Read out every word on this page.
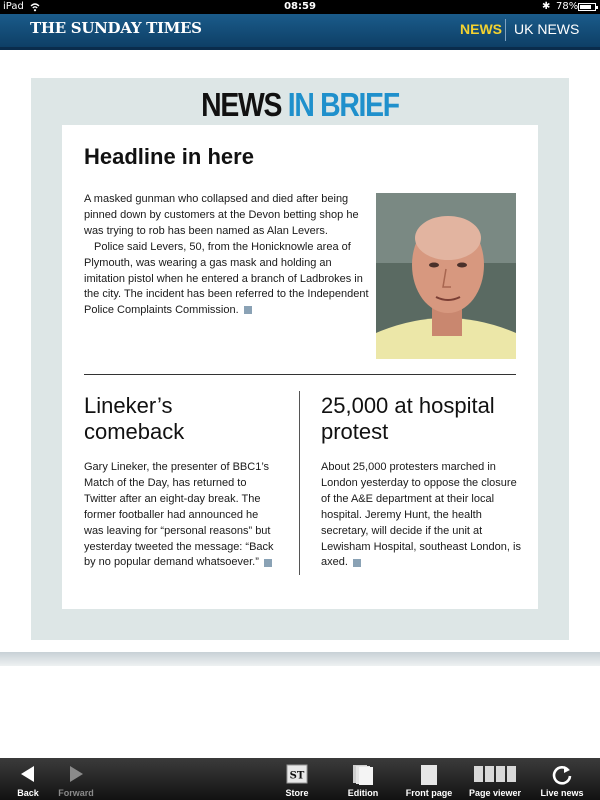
iPad	08:59	✱ 78%
THE SUNDAY TIMES	NEWS UK NEWS
NEWS IN BRIEF
Headline in here

A masked gunman who collapsed and died after being pinned down by customers at the Devon betting shop he was trying to rob has been named as Alan Levers.

Police said Levers, 50, from the Honicknowle area of Plymouth, was wearing a gas mask and holding an imitation pistol when he entered a branch of Ladbrokes in the city. The incident has been referred to the Independent Police Complaints Commission.

Lineker’s comeback

Gary Lineker, the presenter of BBC1’s Match of the Day, has returned to Twitter after an eight-day break. The former footballer had announced he was leaving for “personal reasons” but yesterday tweeted the message: “Back by no popular demand whatsoever.”

25,000 at hospital protest

About 25,000 protesters marched in London yesterday to oppose the closure of the A&E department at their local hospital. Jeremy Hunt, the health secretary, will decide if the unit at Lewisham Hospital, southeast London, is axed.

Back	Forward
ST
Store	Edition	Front page	Page viewer	Live news
